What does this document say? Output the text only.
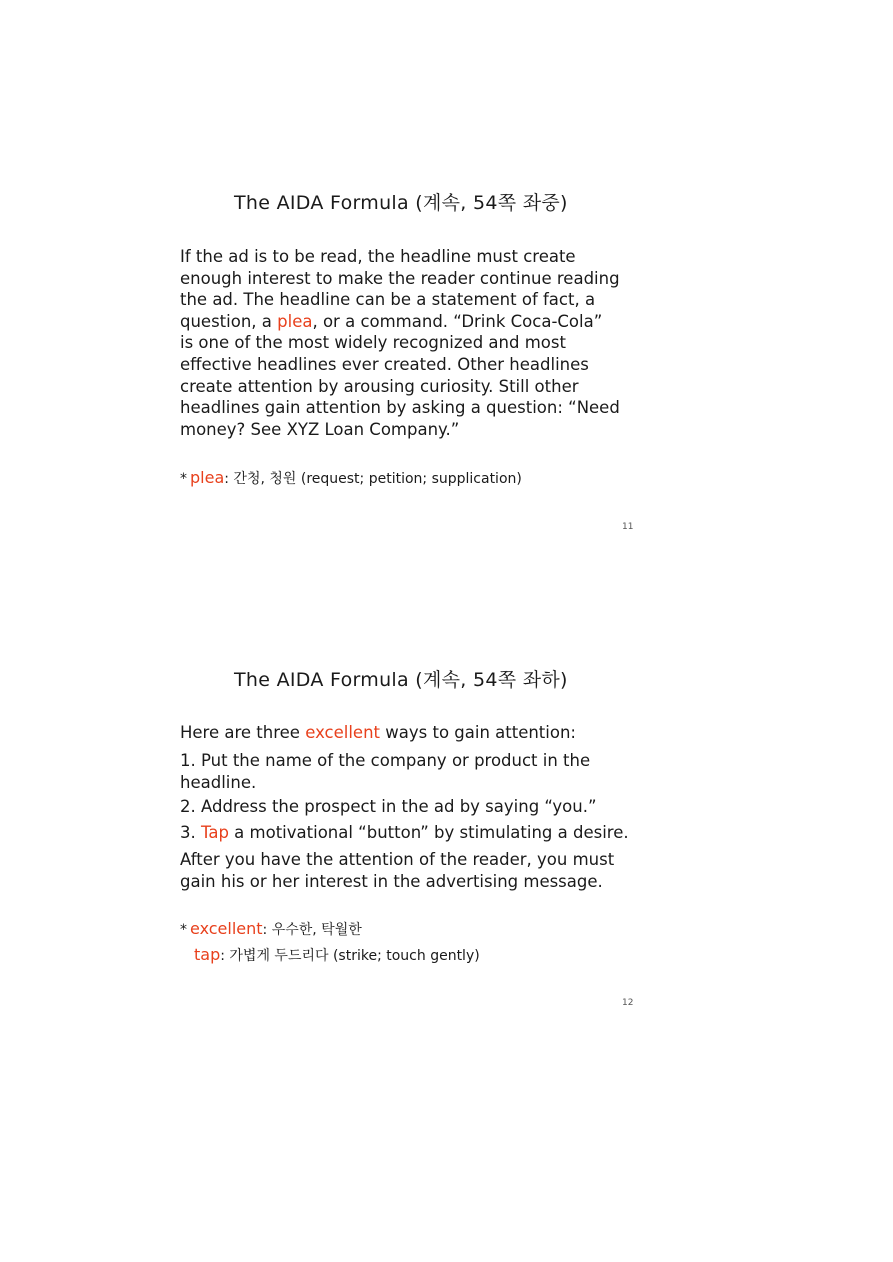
The AIDA Formula (계속, 54쪽 좌중)
If the ad is to be read, the headline must create
enough interest to make the reader continue reading
the ad. The headline can be a statement of fact, a
question, a plea, or a command. “Drink Coca-Cola”
is one of the most widely recognized and most
effective headlines ever created. Other headlines
create attention by arousing curiosity. Still other
headlines gain attention by asking a question: “Need
money? See XYZ Loan Company.”
* plea: 간청, 청원 (request; petition; supplication)
11
The AIDA Formula (계속, 54쪽 좌하)
Here are three excellent ways to gain attention:
1. Put the name of the company or product in the
headline.
2. Address the prospect in the ad by saying “you.”
3. Tap a motivational “button” by stimulating a desire.
After you have the attention of the reader, you must
gain his or her interest in the advertising message.
* excellent: 우수한, 탁월한
tap: 가볍게 두드리다 (strike; touch gently)
12
